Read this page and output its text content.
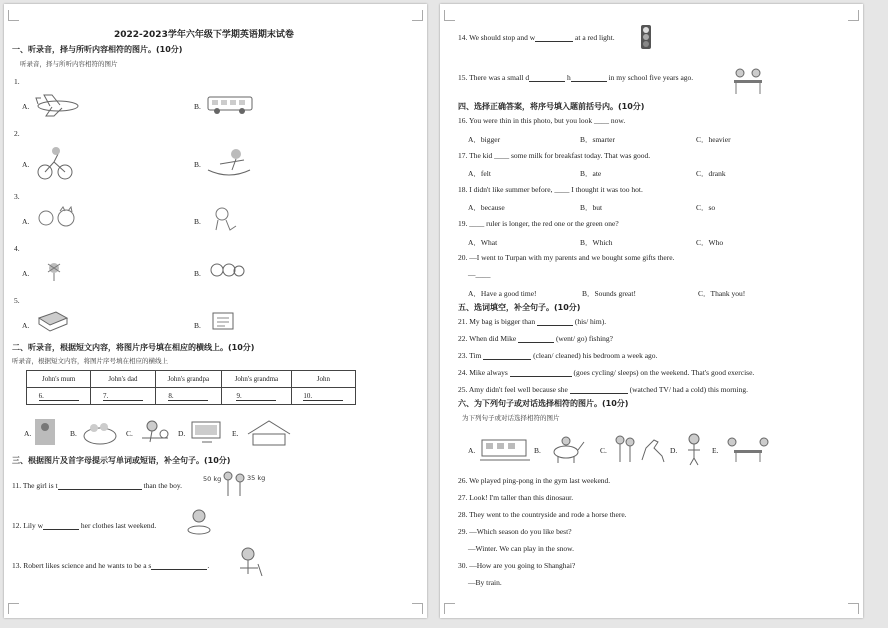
2022-2023学年六年级下学期英语期末试卷
一、听录音，择与所听内容相符的图片。(10分)
听录音，择与所听内容相符的图片
1.
A.	B.
2.
A.	B.
3.
A.	B.
4.
A.	B.
5.
A.	B.
二、听录音，根据短文内容，将图片序号填在相应的横线上。(10分)
听录音，根据短文内容，将图片序号填在相应的横线上
John's mum	John's dad	John's grandpa	John's grandma	John
6.	7.	8.	9.	10.
A.	B.	C.	D.	E.
三、根据图片及首字母提示写单词或短语，补全句子。(10分)
11. The girl is t	than the boy.
50 kg	35 kg
12. Lily w	her clothes last weekend.
13. Robert likes science and he wants to be a s	.
14. We should stop and w	at a red light.
15. There was a small d	h	in my school five years ago.
四、选择正确答案，将序号填入题前括号内。(10分)
16. You were thin in this photo, but you look ____ now.
A．bigger	B．smarter	C．heavier
17. The kid ____ some milk for breakfast today. That was good.
A．felt	B．ate	C．drank
18. I didn't like summer before, ____ I thought it was too hot.
A．because	B．but	C．so
19. ____ ruler is longer, the red one or the green one?
A．What	B．Which	C．Who
20. —I went to Turpan with my parents and we bought some gifts there.
—____
A．Have a good time!	B．Sounds great!	C．Thank you!
五、选词填空，补全句子。(10分)
21. My bag is bigger than	(his/ him).
22. When did Mike	(went/ go) fishing?
23. Tim	(clean/ cleaned) his bedroom a week ago.
24. Mike always	(goes cycling/ sleeps) on the weekend. That's good exercise.
25. Amy didn't feel well because she	(watched TV/ had a cold) this morning.
六、为下列句子或对话选择相符的图片。(10分)
为下列句子或对话选择相符的图片
A.	B.	C.	D.	E.
26. We played ping-pong in the gym last weekend.
27. Look! I'm taller than this dinosaur.
28. They went to the countryside and rode a horse there.
29. —Which season do you like best?
—Winter. We can play in the snow.
30. —How are you going to Shanghai?
—By train.
